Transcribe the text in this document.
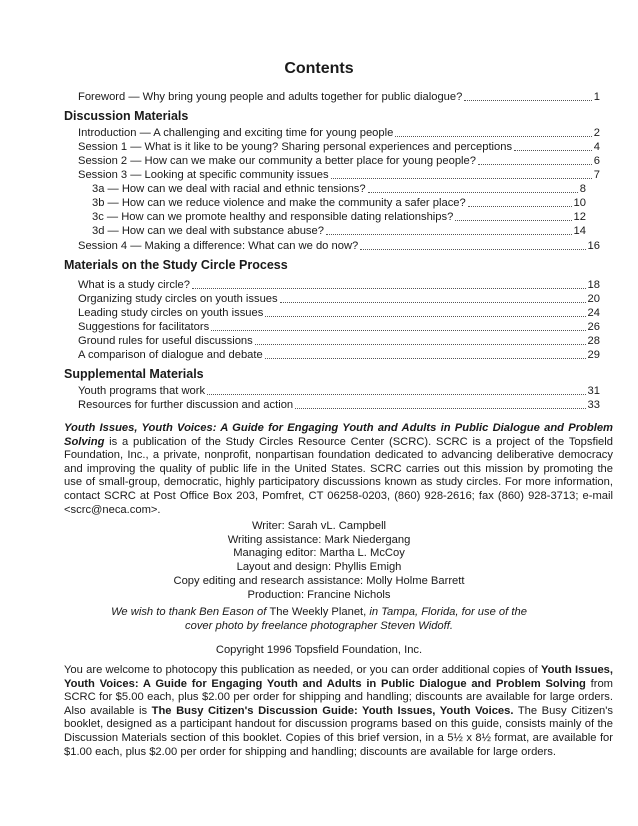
Contents
Foreword — Why bring young people and adults together for public dialogue?	1
Discussion Materials
Introduction — A challenging and exciting time for young people	2
Session 1 — What is it like to be young? Sharing personal experiences and perceptions	4
Session 2 — How can we make our community a better place for young people?	6
Session 3 — Looking at specific community issues	7
3a — How can we deal with racial and ethnic tensions?	8
3b — How can we reduce violence and make the community a safer place?	10
3c — How can we promote healthy and responsible dating relationships?	12
3d — How can we deal with substance abuse?	14
Session 4 — Making a difference: What can we do now?	16
Materials on the Study Circle Process
What is a study circle?	18
Organizing study circles on youth issues	20
Leading study circles on youth issues	24
Suggestions for facilitators	26
Ground rules for useful discussions	28
A comparison of dialogue and debate	29
Supplemental Materials
Youth programs that work	31
Resources for further discussion and action	33
Youth Issues, Youth Voices: A Guide for Engaging Youth and Adults in Public Dialogue and Problem Solving is a publication of the Study Circles Resource Center (SCRC). SCRC is a project of the Topsfield Foundation, Inc., a private, nonprofit, nonpartisan foundation dedicated to advancing deliberative democracy and improving the quality of public life in the United States. SCRC carries out this mission by promoting the use of small-group, democratic, highly participatory discussions known as study circles. For more information, contact SCRC at Post Office Box 203, Pomfret, CT 06258-0203, (860) 928-2616; fax (860) 928-3713; e-mail <scrc@neca.com>.
Writer: Sarah vL. Campbell
Writing assistance: Mark Niedergang
Managing editor: Martha L. McCoy
Layout and design: Phyllis Emigh
Copy editing and research assistance: Molly Holme Barrett
Production: Francine Nichols
We wish to thank Ben Eason of The Weekly Planet, in Tampa, Florida, for use of the
cover photo by freelance photographer Steven Widoff.
Copyright 1996 Topsfield Foundation, Inc.
You are welcome to photocopy this publication as needed, or you can order additional copies of Youth Issues, Youth Voices: A Guide for Engaging Youth and Adults in Public Dialogue and Problem Solving from SCRC for $5.00 each, plus $2.00 per order for shipping and handling; discounts are available for large orders. Also available is The Busy Citizen's Discussion Guide: Youth Issues, Youth Voices. The Busy Citizen's booklet, designed as a participant handout for discussion programs based on this guide, consists mainly of the Discussion Materials section of this booklet. Copies of this brief version, in a 5½ x 8½ format, are available for $1.00 each, plus $2.00 per order for shipping and handling; discounts are available for large orders.
